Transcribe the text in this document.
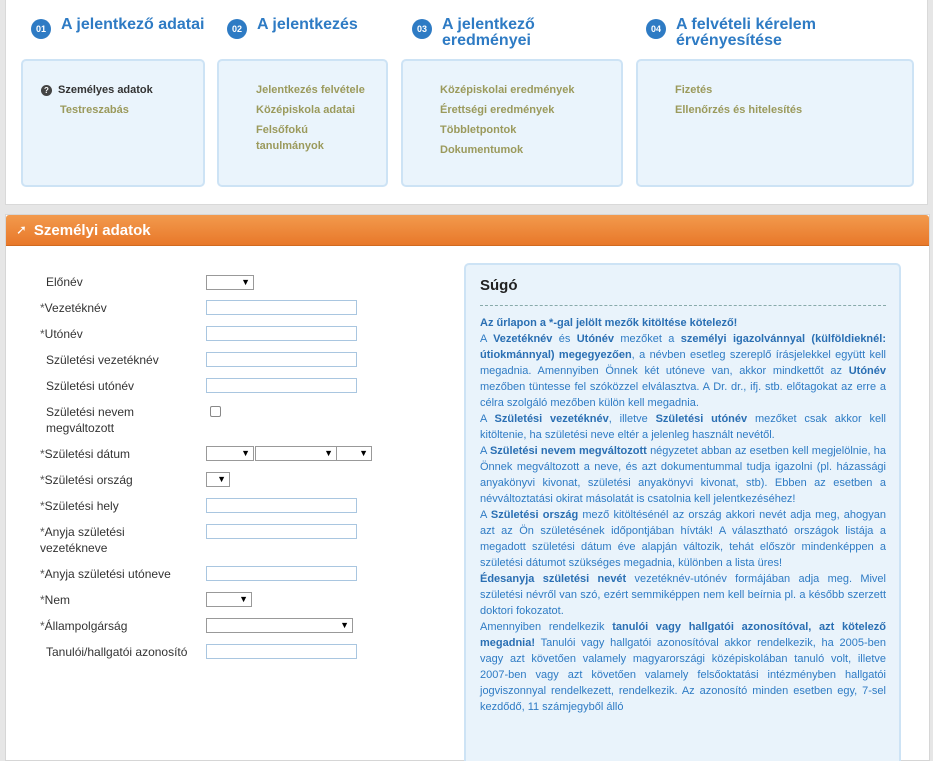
01 A jelentkező adatai
? Személyes adatok
Testreszabás
02 A jelentkezés
Jelentkezés felvétele
Középiskola adatai
Felsőfokú tanulmányok
03 A jelentkező eredményei
Középiskolai eredmények
Érettségi eredmények
Többletpontok
Dokumentumok
04 A felvételi kérelem érvényesítése
Fizetés
Ellenőrzés és hitelesítés
➚ Személyi adatok
Előnév	▼
*Vezetéknév
*Utónév
Születési vezetéknév
Születési utónév
Születési nevem megváltozott
*Születési dátum	▼	▼	▼
*Születési ország	▼
*Születési hely
*Anyja születési vezetékneve
*Anyja születési utóneve
*Nem	▼
*Állampolgárság	▼
Tanulói/hallgatói azonosító
Súgó

Az űrlapon a *-gal jelölt mezők kitöltése kötelező!

A Vezetéknév és Utónév mezőket a személyi igazolvánnyal (külföldieknél: útiokmánnyal) megegyezően, a névben esetleg szereplő írásjelekkel együtt kell megadnia. Amennyiben Önnek két utóneve van, akkor mindkettőt az Utónév mezőben tüntesse fel szóközzel elválasztva. A Dr. dr., ifj. stb. előtagokat az erre a célra szolgáló mezőben külön kell megadnia.

A Születési vezetéknév, illetve Születési utónév mezőket csak akkor kell kitöltenie, ha születési neve eltér a jelenleg használt nevétől.

A Születési nevem megváltozott négyzetet abban az esetben kell megjelölnie, ha Önnek megváltozott a neve, és azt dokumentummal tudja igazolni (pl. házassági anyakönyvi kivonat, születési anyakönyvi kivonat, stb). Ebben az esetben a névváltoztatási okirat másolatát is csatolnia kell jelentkezéséhez!

A Születési ország mező kitöltésénél az ország akkori nevét adja meg, ahogyan azt az Ön születésének időpontjában hívták! A választható országok listája a megadott születési dátum éve alapján változik, tehát először mindenképpen a születési dátumot szükséges megadnia, különben a lista üres!

Édesanyja születési nevét vezetéknév-utónév formájában adja meg. Mivel születési névről van szó, ezért semmiképpen nem kell beírnia pl. a később szerzett doktori fokozatot.

Amennyiben rendelkezik tanulói vagy hallgatói azonosítóval, azt kötelező megadnia! Tanulói vagy hallgatói azonosítóval akkor rendelkezik, ha 2005-ben vagy azt követően valamely magyarországi középiskolában tanuló volt, illetve 2007-ben vagy azt követően valamely felsőoktatási intézményben hallgatói jogviszonnyal rendelkezett, rendelkezik. Az azonosító minden esetben egy, 7-sel kezdődő, 11 számjegyből álló
